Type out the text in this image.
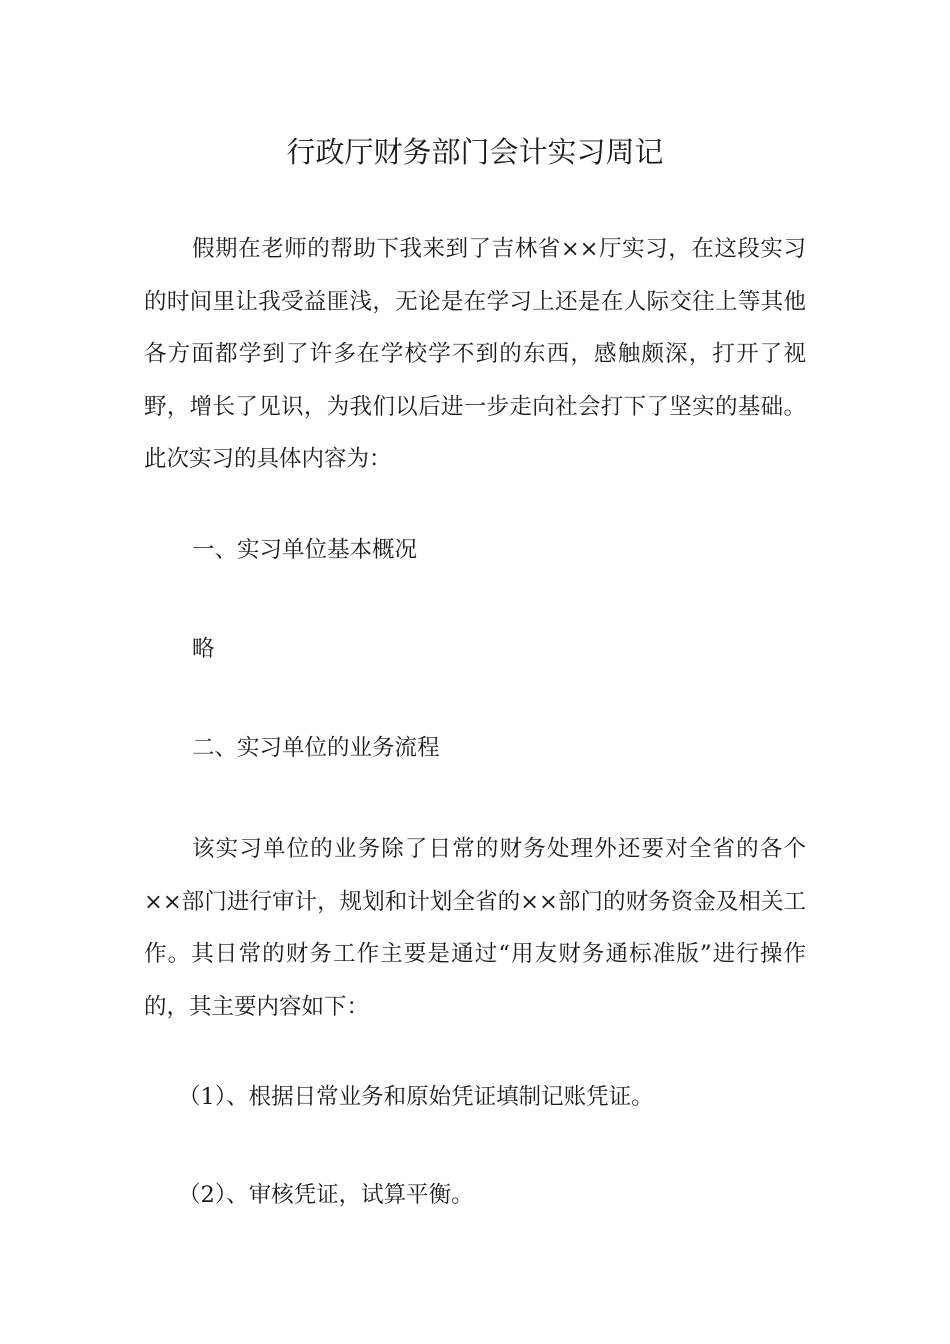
行政厅财务部门会计实习周记

假期在老师的帮助下我来到了吉林省××厅实习，在这段实习的时间里让我受益匪浅，无论是在学习上还是在人际交往上等其他各方面都学到了许多在学校学不到的东西，感触颇深，打开了视野，增长了见识，为我们以后进一步走向社会打下了坚实的基础。此次实习的具体内容为：

一、实习单位基本概况

略

二、实习单位的业务流程

该实习单位的业务除了日常的财务处理外还要对全省的各个××部门进行审计，规划和计划全省的××部门的财务资金及相关工作。其日常的财务工作主要是通过“用友财务通标准版”进行操作的，其主要内容如下：

（1）、根据日常业务和原始凭证填制记账凭证。

（2）、审核凭证，试算平衡。
